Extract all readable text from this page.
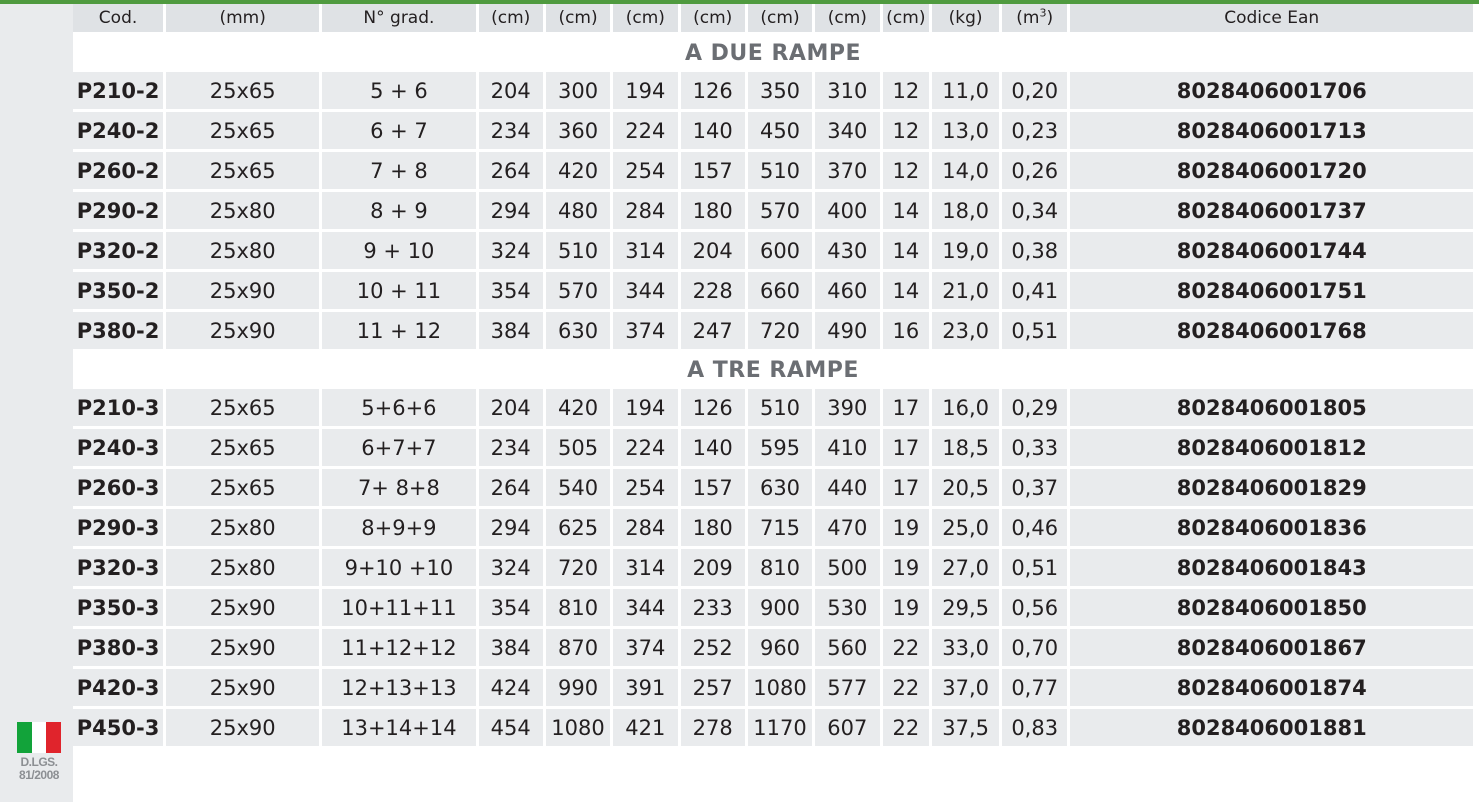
Cod.	(mm)	N° grad.	(cm)	(cm)	(cm)	(cm)	(cm)	(cm)	(cm)	(kg)	$(m^3)$	Codice Ean
A DUE RAMPE												
P210-2	25x65	5 + 6	204	300	194	126	350	310	12	11,0	0,20	8028406001706
P240-2	25x65	6 + 7	234	360	224	140	450	340	12	13,0	0,23	8028406001713
P260-2	25x65	7 + 8	264	420	254	157	510	370	12	14,0	0,26	8028406001720
P290-2	25x80	8 + 9	294	480	284	180	570	400	14	18,0	0,34	8028406001737
P320-2	25x80	9 + 10	324	510	314	204	600	430	14	19,0	0,38	8028406001744
P350-2	25x90	10 + 11	354	570	344	228	660	460	14	21,0	0,41	8028406001751
P380-2	25x90	11 + 12	384	630	374	247	720	490	16	23,0	0,51	8028406001768
A TRE RAMPE												
P210-3	25x65	5+6+6	204	420	194	126	510	390	17	16,0	0,29	8028406001805
P240-3	25x65	6+7+7	234	505	224	140	595	410	17	18,5	0,33	8028406001812
P260-3	25x65	7+ 8+8	264	540	254	157	630	440	17	20,5	0,37	8028406001829
P290-3	25x80	8+9+9	294	625	284	180	715	470	19	25,0	0,46	8028406001836
P320-3	25x80	9+10 +10	324	720	314	209	810	500	19	27,0	0,51	8028406001843
P350-3	25x90	10+11+11	354	810	344	233	900	530	19	29,5	0,56	8028406001850
P380-3	25x90	11+12+12	384	870	374	252	960	560	22	33,0	0,70	8028406001867
P420-3	25x90	12+13+13	424	990	391	257	1080	577	22	37,0	0,77	8028406001874
P450-3	25x90	13+14+14	454	1080	421	278	1170	607	22	37,5	0,83	8028406001881
D.LGS.
81/2008
